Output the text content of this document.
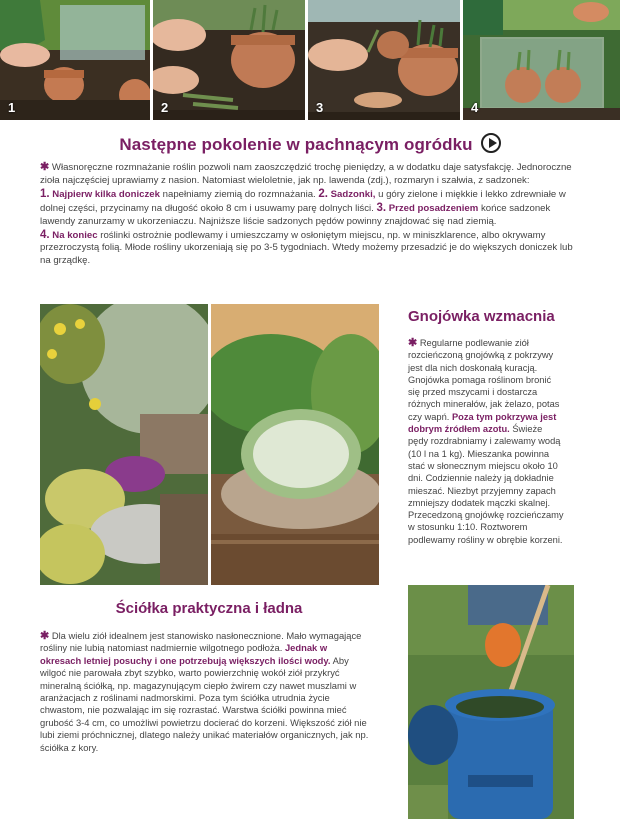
1	2	3	4
Następne pokolenie w pachnącym ogródku
✱ Własnoręczne rozmnażanie roślin pozwoli nam zaoszczędzić trochę pieniędzy, a w dodatku daje satysfakcję. Jednoroczne zioła najczęściej uprawiamy z nasion. Natomiast wieloletnie, jak np. lawenda (zdj.), rozmaryn i szałwia, z sadzonek:
1. Najpierw kilka doniczek napełniamy ziemią do rozmnażania. 2. Sadzonki, u góry zielone i miękkie i lekko zdrewniałe w dolnej części, przycinamy na długość około 8 cm i usuwamy parę dolnych liści. 3. Przed posadzeniem końce sadzonek lawendy zanurzamy w ukorzeniaczu. Najniższe liście sadzonych pędów powinny znajdować się nad ziemią.
4. Na koniec roślinki ostrożnie podlewamy i umieszczamy w osłoniętym miejscu, np. w miniszklarence, albo okrywamy przezroczystą folią. Młode rośliny ukorzeniają się po 3-5 tygodniach. Wtedy możemy przesadzić je do większych doniczek lub na grządkę.
Gnojówka wzmacnia
✱ Regularne podlewanie ziół rozcieńczoną gnojówką z pokrzywy jest dla nich doskonałą kuracją. Gnojówka pomaga roślinom bronić się przed mszycami i dostarcza różnych minerałów, jak żelazo, potas czy wapń. Poza tym pokrzywa jest dobrym źródłem azotu. Świeże pędy rozdrabniamy i zalewamy wodą (10 l na 1 kg). Mieszanka powinna stać w słonecznym miejscu około 10 dni. Codziennie należy ją dokładnie mieszać. Niezbyt przyjemny zapach zmniejszy dodatek mączki skalnej. Przecedzoną gnojówkę rozcieńczamy w stosunku 1:10. Roztworem podlewamy rośliny w obrębie korzeni.
Ściółka praktyczna i ładna
✱ Dla wielu ziół idealnem jest stanowisko nasłonecznione. Mało wymagające rośliny nie lubią natomiast nadmiernie wilgotnego podłoża. Jednak w okresach letniej posuchy i one potrzebują większych ilości wody. Aby wilgoć nie parowała zbyt szybko, warto powierzchnię wokół ziół przykryć mineralną ściółką, np. magazynującym ciepło żwirem czy nawet muszlami w aranżacjach z roślinami nadmorskimi. Poza tym ściółka utrudnia życie chwastom, nie pozwalając im się rozrastać. Warstwa ściółki powinna mieć grubość 3-4 cm, co umożliwi powietrzu docierać do korzeni. Większość ziół nie lubi ziemi próchnicznej, dlatego należy unikać materiałów organicznych, jak np. ściółka z kory.
